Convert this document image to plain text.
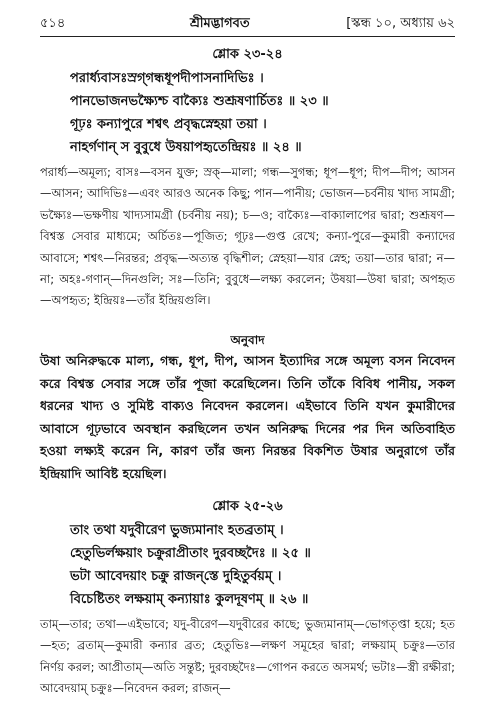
৫১৪	শ্রীমদ্ভাগবত	[স্কন্ধ ১০, অধ্যায় ৬২
শ্লোক ২৩-২৪
পরার্ধ্যবাসঃস্রগ্‌গন্ধধূপদীপাসনাদিভিঃ ।
পানভোজনভক্ষ্যৈশ্চ বাক্যৈঃ শুশ্রূষণার্চিতঃ ॥ ২৩ ॥
গূঢ়ঃ কন্যাপুরে শশ্বৎ প্রবৃদ্ধস্নেহয়া তয়া ।
নাহর্গণান্‌ স বুবুধে উষয়াপহৃতেন্দ্রিয়ঃ ॥ ২৪ ॥

পরার্ধ্য—অমূল্য; বাসঃ—বসন যুক্ত; স্রক্‌—মালা; গন্ধ—সুগন্ধ; ধূপ—ধূপ; দীপ—দীপ; আসন—আসন; আদিভিঃ—এবং আরও অনেক কিছু; পান—পানীয়; ভোজন—চর্বনীয় খাদ্য সামগ্রী; ভক্ষ্যৈঃ—ভক্ষণীয় খাদ্যসামগ্রী (চর্বনীয় নয়); চ—ও; বাক্যৈঃ—বাক্যালাপের দ্বারা; শুশ্রূষণ—বিশ্বস্ত সেবার মাধ্যমে; অর্চিতঃ—পূজিত; গূঢ়ঃ—গুপ্ত রেখে; কন্যা-পুরে—কুমারী কন্যাদের আবাসে; শশ্বৎ—নিরন্তর; প্রবৃদ্ধ—অত্যন্ত বৃদ্ধিশীল; স্নেহয়া—যার স্নেহ; তয়া—তার দ্বারা; ন—না; অহঃ-গণান্‌—দিনগুলি; সঃ—তিনি; বুবুধে—লক্ষ্য করলেন; উষয়া—উষা দ্বারা; অপহৃত—অপহৃত; ইন্দ্রিয়ঃ—তাঁর ইন্দ্রিয়গুলি।

অনুবাদ

উষা অনিরুদ্ধকে মাল্য, গন্ধ, ধূপ, দীপ, আসন ইত্যাদির সঙ্গে অমূল্য বসন নিবেদন করে বিশ্বস্ত সেবার সঙ্গে তাঁর পূজা করেছিলেন। তিনি তাঁকে বিবিধ পানীয়, সকল ধরনের খাদ্য ও সুমিষ্ট বাক্যও নিবেদন করলেন। এইভাবে তিনি যখন কুমারীদের আবাসে গূঢ়ভাবে অবস্থান করছিলেন তখন অনিরুদ্ধ দিনের পর দিন অতিবাহিত হওয়া লক্ষ্যই করেন নি, কারণ তাঁর জন্য নিরন্তর বিকশিত উষার অনুরাগে তাঁর ইন্দ্রিয়াদি আবিষ্ট হয়েছিল।

শ্লোক ২৫-২৬
তাং তথা যদুবীরেণ ভুজ্যমানাং হতব্রতাম্‌ ।
হেতুভির্লক্ষয়াং চক্রুরাপ্রীতাং দুরবচ্ছদৈঃ ॥ ২৫ ॥
ভটা আবেদয়াং চক্রু রাজন্‌স্তে দুহিতুর্বয়ম্‌ ।
বিচেষ্টিতং লক্ষয়াম্‌ কন্যায়াঃ কুলদূষণম্‌ ॥ ২৬ ॥

তাম্‌—তার; তথা—এইভাবে; যদু-বীরেণ—যদুবীরের কাছে; ভুজ্যমানাম্‌—ভোগতৃপ্তা হয়ে; হত—হত; ব্রতাম্‌—কুমারী কন্যার ব্রত; হেতুভিঃ—লক্ষণ সমূহের দ্বারা; লক্ষয়াম্‌ চক্রুঃ—তার নির্ণয় করল; আপ্রীতাম্‌—অতি সন্তুষ্ট; দুরবচ্ছদৈঃ—গোপন করতে অসমর্থ; ভটাঃ—স্ত্রী রক্ষীরা; আবেদয়াম্‌ চক্রুঃ—নিবেদন করল; রাজন্‌—
